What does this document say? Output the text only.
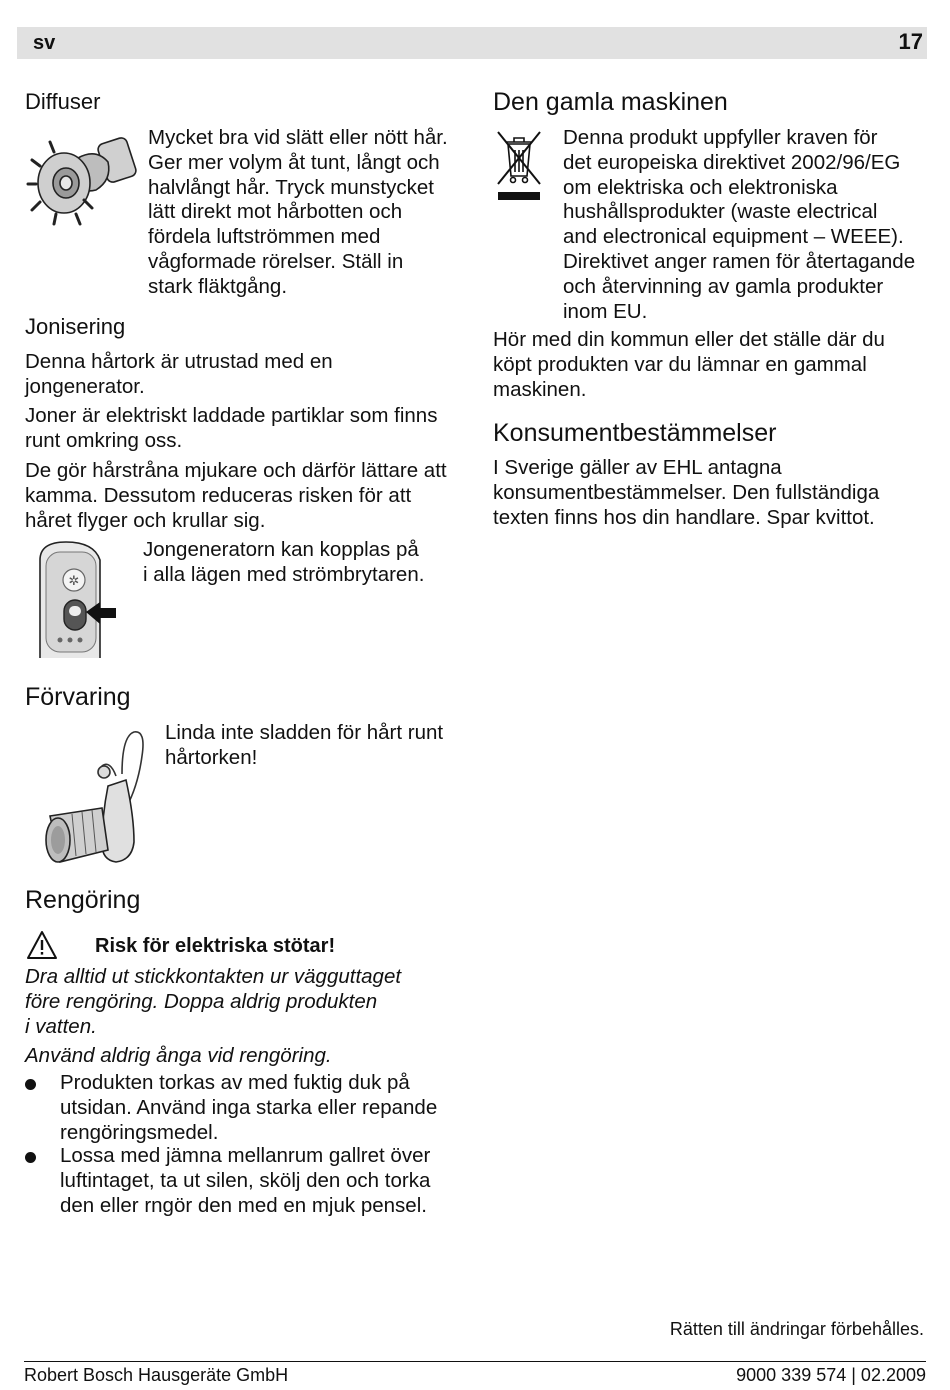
sv	17
Diffuser
Mycket bra vid slätt eller nött hår.
Ger mer volym åt tunt, långt och
halvlångt hår. Tryck munstycket
lätt direkt mot hårbotten och
fördela luftströmmen med
vågformade rörelser. Ställ in
stark fläktgång.
Jonisering
Denna hårtork är utrustad med en
jongenerator.
Joner är elektriskt laddade partiklar som finns
runt omkring oss.
De gör hårstråna mjukare och därför lättare att
kamma. Dessutom reduceras risken för att
håret flyger och krullar sig.
✲
Jongeneratorn kan kopplas på
i alla lägen med strömbrytaren.
Förvaring
Linda inte sladden för hårt runt
hårtorken!
Rengöring
Risk för elektriska stötar!
Dra alltid ut stickkontakten ur vägguttaget
före rengöring. Doppa aldrig produkten
i vatten.
Använd aldrig ånga vid rengöring.
Produkten torkas av med fuktig duk på
utsidan. Använd inga starka eller repande
rengöringsmedel.
Lossa med jämna mellanrum gallret över
luftintaget, ta ut silen, skölj den och torka
den eller rngör den med en mjuk pensel.
Den gamla maskinen
Denna produkt uppfyller kraven för
det europeiska direktivet 2002/96/EG
om elektriska och elektroniska
hushållsprodukter (waste electrical
and electronical equipment – WEEE).
Direktivet anger ramen för återtagande
och återvinning av gamla produkter
inom EU.
Hör med din kommun eller det ställe där du
köpt produkten var du lämnar en gammal
maskinen.
Konsumentbestämmelser
I Sverige gäller av EHL antagna
konsumentbestämmelser. Den fullständiga
texten finns hos din handlare. Spar kvittot.
Rätten till ändringar förbehålles.
Robert Bosch Hausgeräte GmbH	9000 339 574 | 02.2009
